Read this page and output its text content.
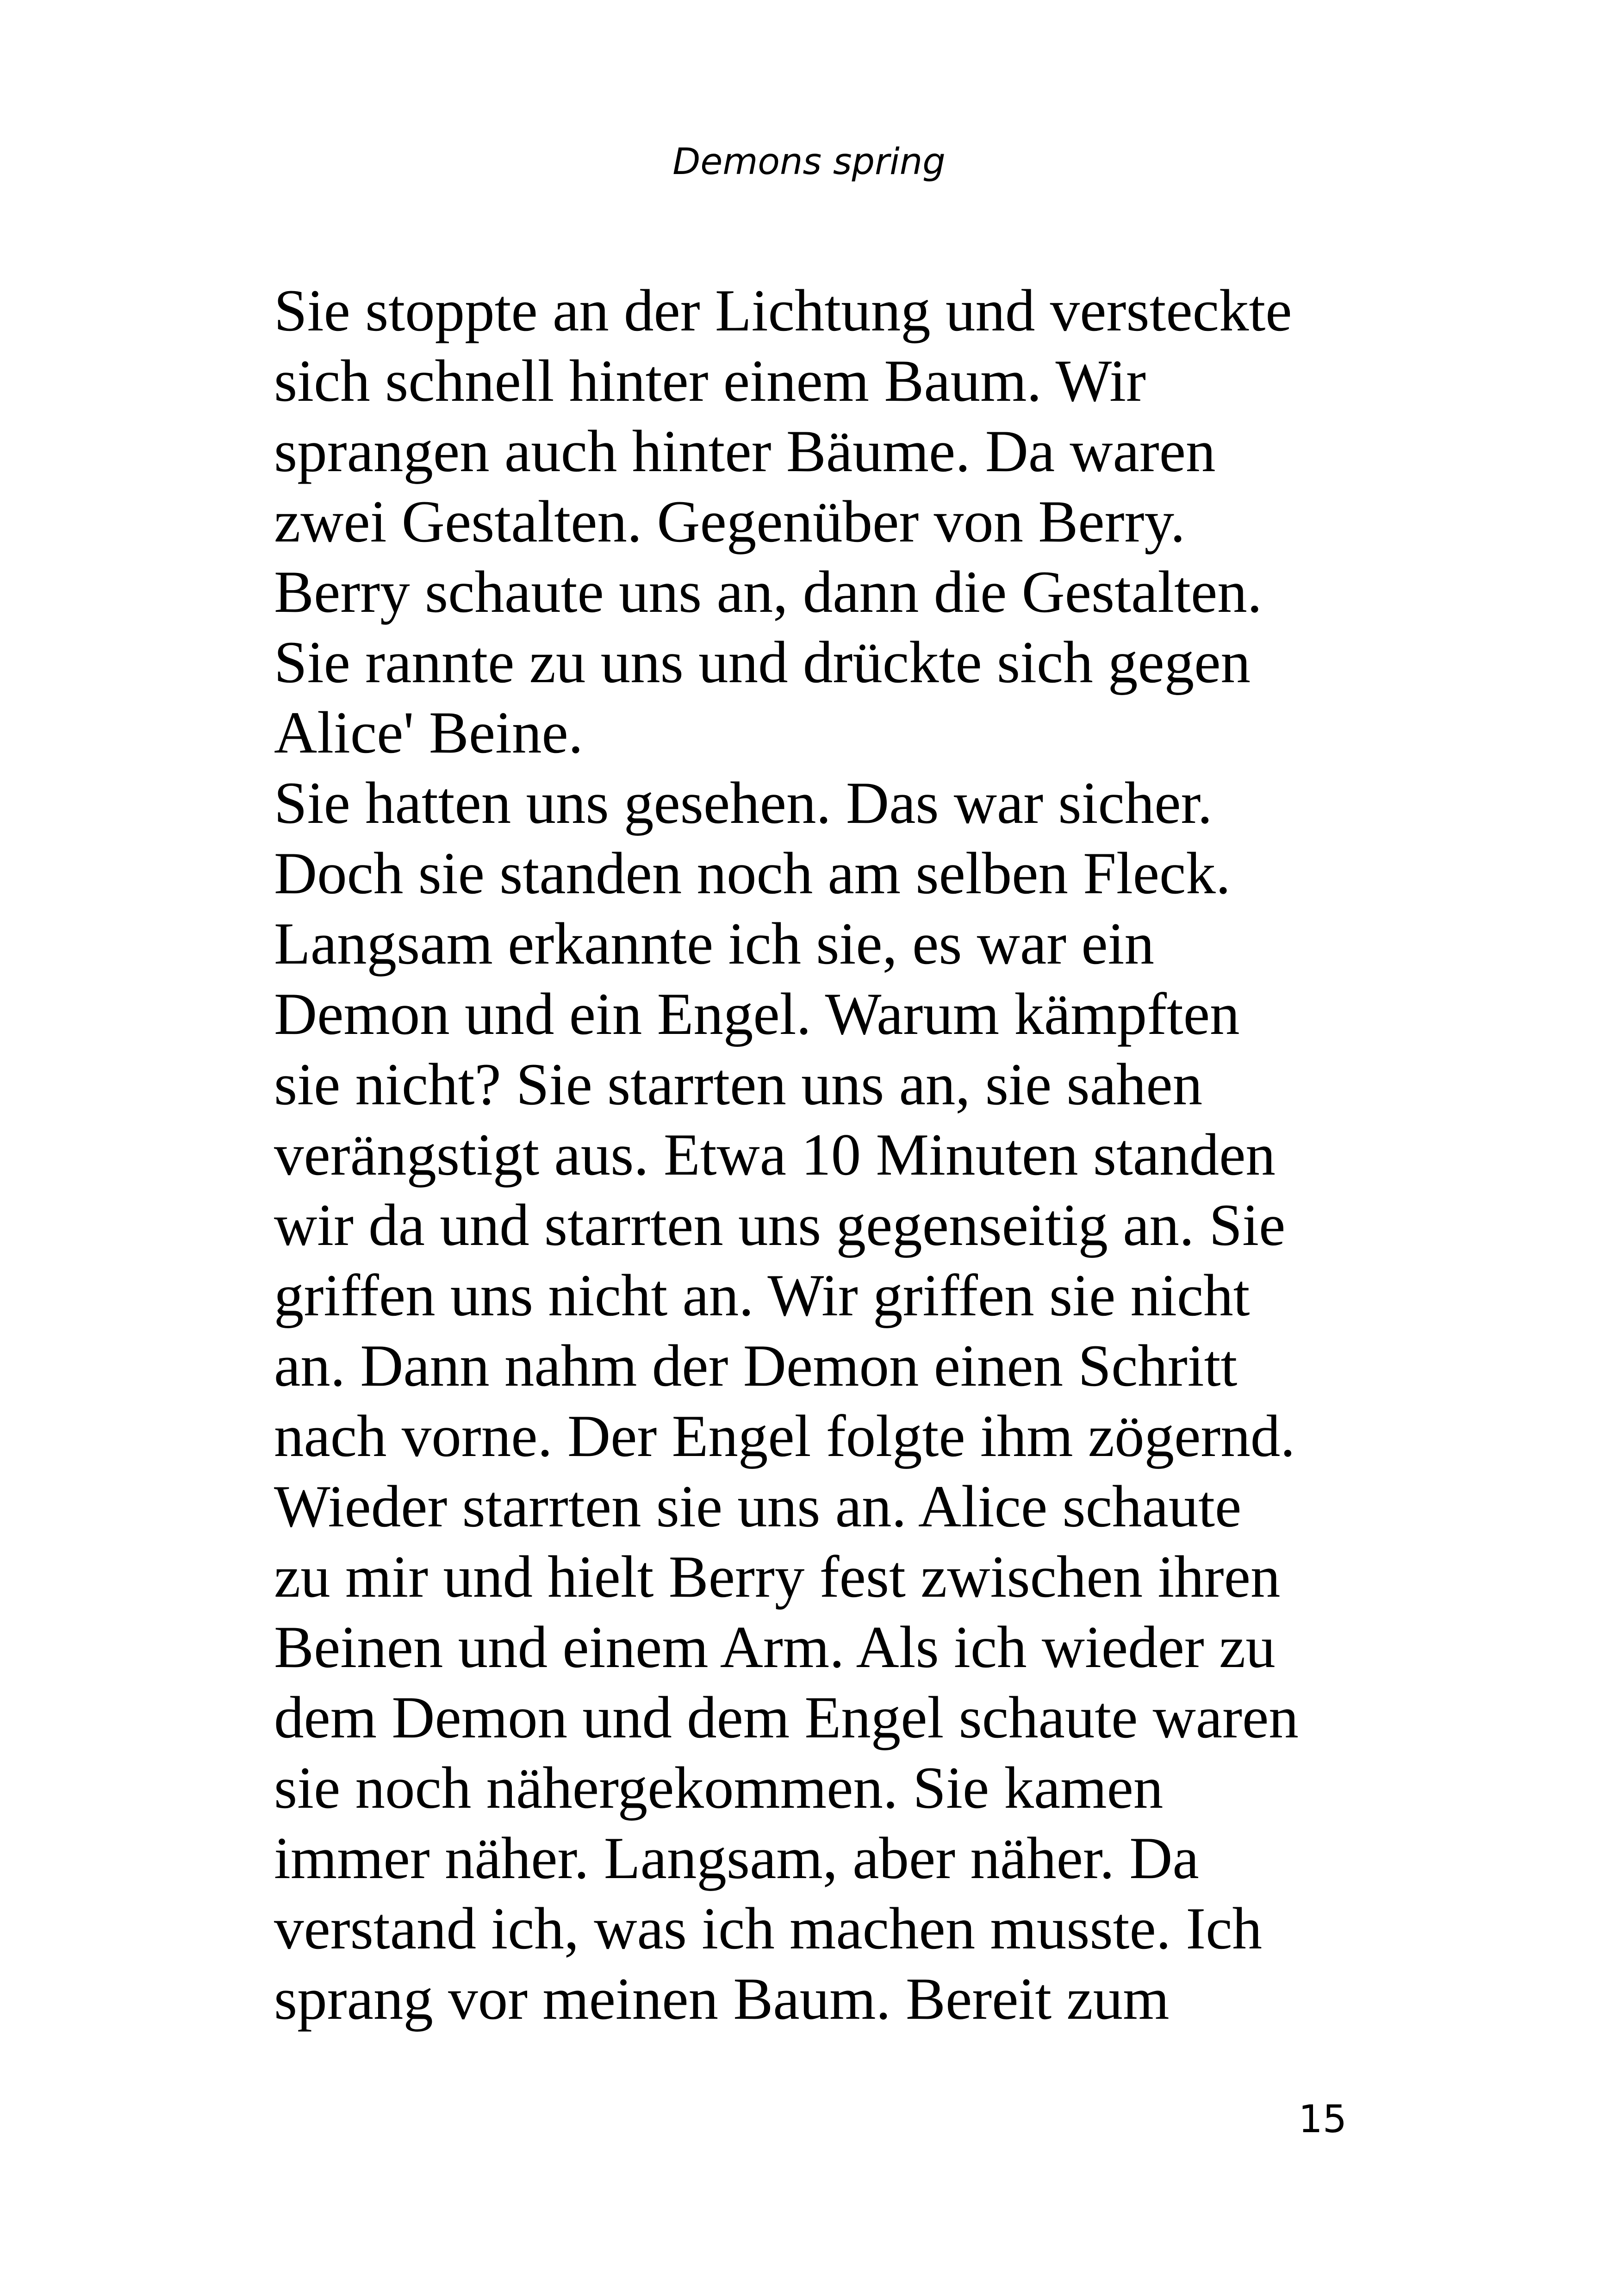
Demons spring
Sie stoppte an der Lichtung und versteckte
sich schnell hinter einem Baum. Wir
sprangen auch hinter Bäume. Da waren
zwei Gestalten. Gegenüber von Berry.
Berry schaute uns an, dann die Gestalten.
Sie rannte zu uns und drückte sich gegen
Alice' Beine.
Sie hatten uns gesehen. Das war sicher.
Doch sie standen noch am selben Fleck.
Langsam erkannte ich sie, es war ein
Demon und ein Engel. Warum kämpften
sie nicht? Sie starrten uns an, sie sahen
verängstigt aus. Etwa 10 Minuten standen
wir da und starrten uns gegenseitig an. Sie
griffen uns nicht an. Wir griffen sie nicht
an. Dann nahm der Demon einen Schritt
nach vorne. Der Engel folgte ihm zögernd.
Wieder starrten sie uns an. Alice schaute
zu mir und hielt Berry fest zwischen ihren
Beinen und einem Arm. Als ich wieder zu
dem Demon und dem Engel schaute waren
sie noch nähergekommen. Sie kamen
immer näher. Langsam, aber näher. Da
verstand ich, was ich machen musste. Ich
sprang vor meinen Baum. Bereit zum
15
